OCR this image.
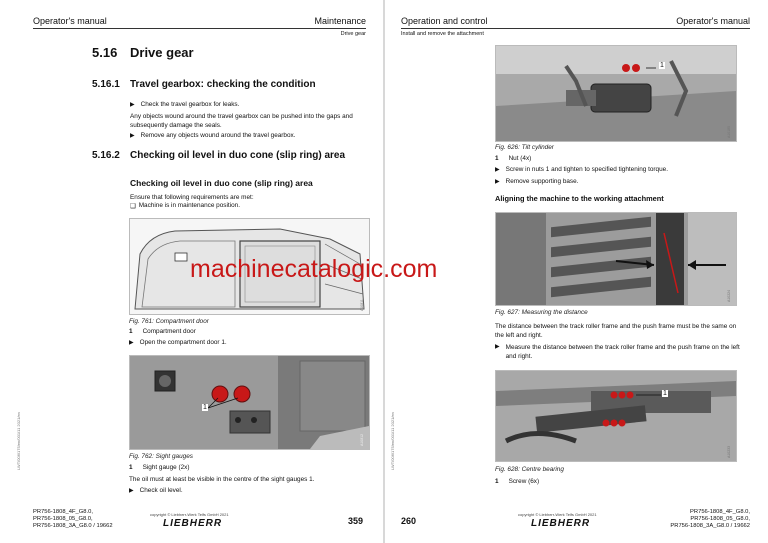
Operator's manual	Maintenance
Drive gear
5.16 Drive gear
5.16.1 Travel gearbox: checking the condition
▶ Check the travel gearbox for leaks.
Any objects wound around the travel gearbox can be pushed into the gaps and subsequently damage the seals.
▶ Remove any objects wound around the travel gearbox.
5.16.2 Checking oil level in duo cone (slip ring) area
Checking oil level in duo cone (slip ring) area
Ensure that following requirements are met:
❑ Machine is in maintenance position.
A10811
Fig. 761: Compartment door
1 Compartment door
▶ Open the compartment door 1.
1
A10812
Fig. 762: Sight gauges
1 Sight gauge (2x)
The oil must at least be visible in the centre of the sight gauges 1.
▶ Check oil level.
LWT/006/175/en/001/11 2021/en
PR756-1808_4F_G8.0,
PR756-1808_05_G8.0,
PR756-1808_3A_G8.0 / 19662
copyright © Liebherr-Werk Telfs GmbH 2021
LIEBHERR	359
Operation and control	Operator's manual
Install and remove the attachment
1
A10185
Fig. 626: Tilt cylinder
1 Nut (4x)
▶ Screw in nuts 1 and tighten to specified tightening torque.
▶ Remove supporting base.
Aligning the machine to the working attachment
A10224
Fig. 627: Measuring the distance
The distance between the track roller frame and the push frame must be the same on the left and right.
▶ Measure the distance between the track roller frame and the push frame on the left and right.
1
A10233
Fig. 628: Centre bearing
1 Screw (6x)
LWT/006/175/en/001/11 2021/en
260
copyright © Liebherr-Werk Telfs GmbH 2021
LIEBHERR
PR756-1808_4F_G8.0,
PR756-1808_05_G8.0,
PR756-1808_3A_G8.0 / 19662
machinecatalogic.com
